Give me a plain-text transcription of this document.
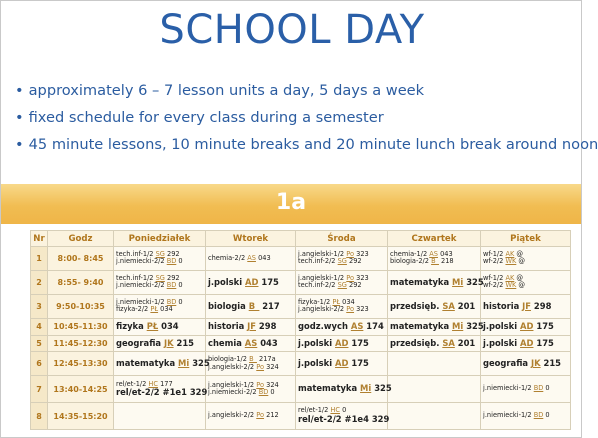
SCHOOL DAY
• approximately 6 – 7 lesson units a day, 5 days a week
• fixed schedule for every class during a semester
• 45 minute lessons, 10 minute breaks and 20 minute lunch break around noon
1a
Nr	Godz	Poniedziałek	Wtorek	Środa	Czwartek	Piątek
1	8:00- 8:45	tech.inf-1/2 SG 292
j.niemiecki-2/2 BD 0	chemia-2/2 AS 043	j.angielski-1/2 Po 323
tech.inf-2/2 SG 292	chemia-1/2 AS 043
biologia-2/2 B_ 218	wf-1/2 AK @
wf-2/2 WK @

2	8:55- 9:40	tech.inf-1/2 SG 292
j.niemiecki-2/2 BD 0	j.polski AD 175	j.angielski-1/2 Po 323
tech.inf-2/2 SG 292	matematyka Mi 325	wf-1/2 AK @
wf-2/2 WK @

3	9:50-10:35	j.niemiecki-1/2 BD 0
fizyka-2/2 PŁ 034	biologia B_ 217	fizyka-1/2 PŁ 034
j.angielski-2/2 Po 323	przedsięb. SA 201	historia JF 298

4	10:45-11:30	fizyka PŁ 034	historia JF 298	godz.wych AS 174	matematyka Mi 325	j.polski AD 175

5	11:45-12:30	geografia JK 215	chemia AS 043	j.polski AD 175	przedsięb. SA 201	j.polski AD 175

6	12:45-13:30	matematyka Mi 325	biologia-1/2 B_ 217a
j.angielski-2/2 Po 324	j.polski AD 175		geografia JK 215

7	13:40-14:25	rel/et-1/2 HC 177
rel/et-2/2 #1e1 329	j.angielski-1/2 Po 324
j.niemiecki-2/2 BD 0	matematyka Mi 325		j.niemiecki-1/2 BD 0

8	14:35-15:20		j.angielski-2/2 Po 212	rel/et-1/2 HC 0
rel/et-2/2 #1e4 329		j.niemiecki-1/2 BD 0
